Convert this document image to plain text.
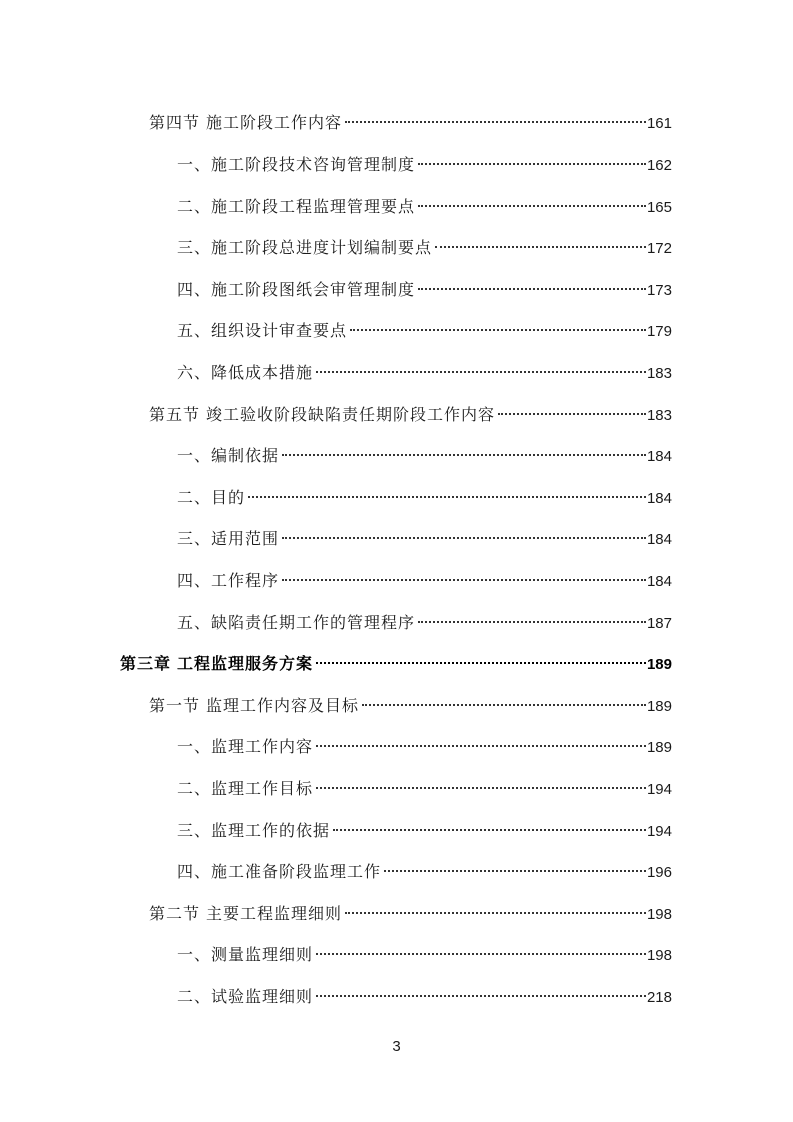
第四节 施工阶段工作内容	161
一、施工阶段技术咨询管理制度	162
二、施工阶段工程监理管理要点	165
三、施工阶段总进度计划编制要点	172
四、施工阶段图纸会审管理制度	173
五、组织设计审查要点	179
六、降低成本措施	183
第五节 竣工验收阶段缺陷责任期阶段工作内容	183
一、编制依据	184
二、目的	184
三、适用范围	184
四、工作程序	184
五、缺陷责任期工作的管理程序	187
第三章 工程监理服务方案	189
第一节 监理工作内容及目标	189
一、监理工作内容	189
二、监理工作目标	194
三、监理工作的依据	194
四、施工准备阶段监理工作	196
第二节 主要工程监理细则	198
一、测量监理细则	198
二、试验监理细则	218
3
